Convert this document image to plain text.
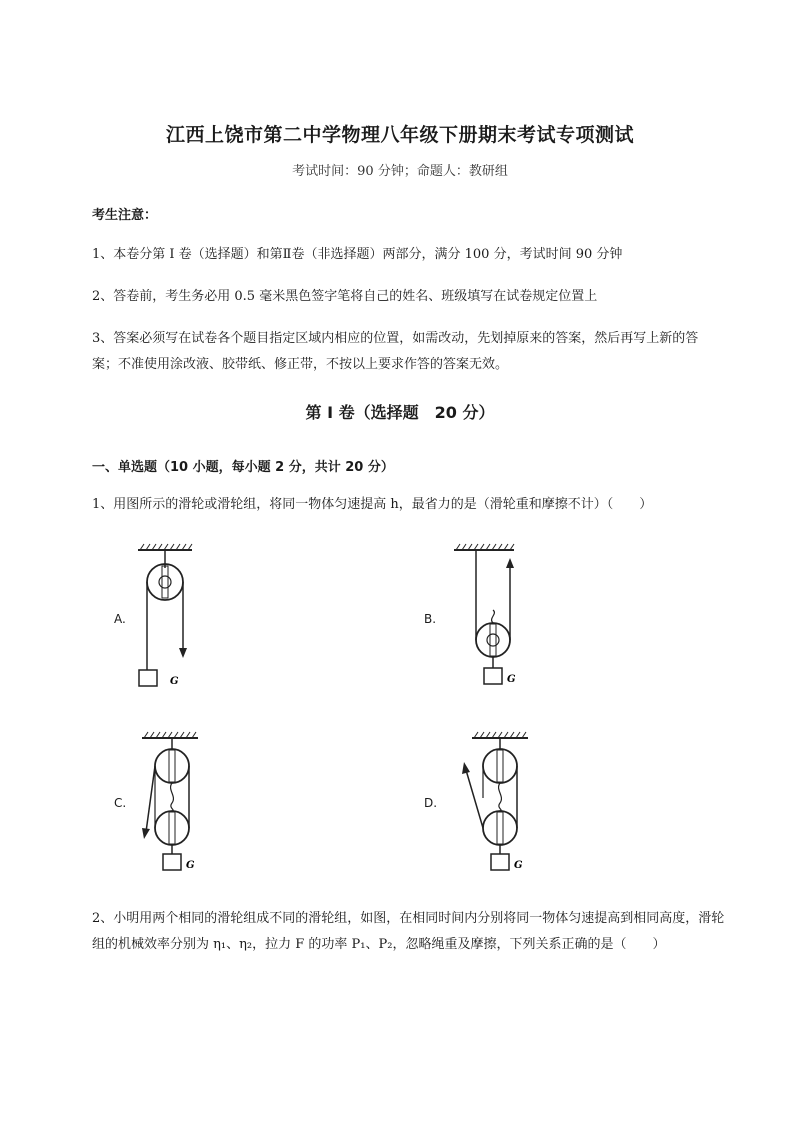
江西上饶市第二中学物理八年级下册期末考试专项测试
考试时间：90 分钟；命题人：教研组
考生注意：
1、本卷分第 I 卷（选择题）和第Ⅱ卷（非选择题）两部分，满分 100 分，考试时间 90 分钟
2、答卷前，考生务必用 0.5 毫米黑色签字笔将自己的姓名、班级填写在试卷规定位置上
3、答案必须写在试卷各个题目指定区域内相应的位置，如需改动，先划掉原来的答案，然后再写上新的答案；不准使用涂改液、胶带纸、修正带，不按以上要求作答的答案无效。
第 I 卷（选择题　20 分）
一、单选题（10 小题，每小题 2 分，共计 20 分）
1、用图所示的滑轮或滑轮组，将同一物体匀速提高 h，最省力的是（滑轮重和摩擦不计）（　　）
A.
G
B.
G
C.
G
D.
G
2、小明用两个相同的滑轮组成不同的滑轮组，如图，在相同时间内分别将同一物体匀速提高到相同高度，滑轮组的机械效率分别为 η₁、η₂，拉力 F 的功率 P₁、P₂，忽略绳重及摩擦，下列关系正确的是（　　）
